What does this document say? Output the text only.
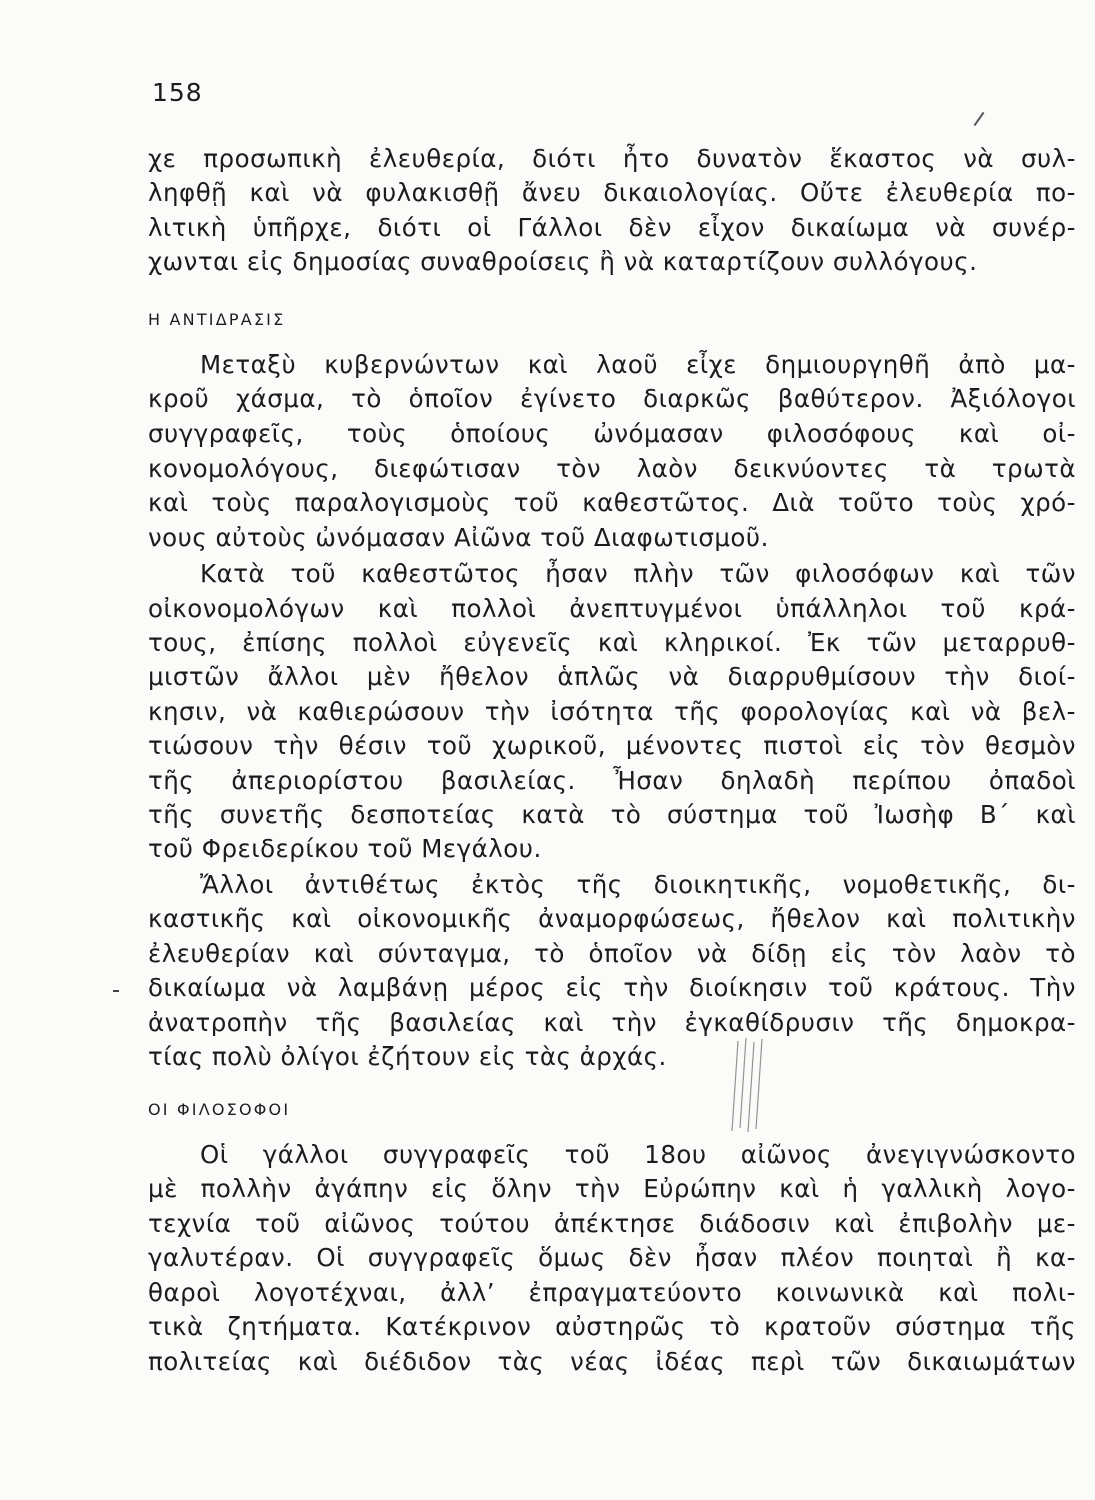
158
χε προσωπικὴ ἐλευθερία, διότι ἦτο δυνατὸν ἕκαστος νὰ συλ-
ληφθῇ καὶ νὰ φυλακισθῇ ἄνευ δικαιολογίας. Οὔτε ἐλευθερία πο-
λιτικὴ ὑπῆρχε, διότι οἱ Γάλλοι δὲν εἶχον δικαίωμα νὰ συνέρ-
χωνται εἰς δημοσίας συναθροίσεις ἢ νὰ καταρτίζουν συλλόγους.
Η ΑΝΤΙΔΡΑΣΙΣ
Μεταξὺ κυβερνώντων καὶ λαοῦ εἶχε δημιουργηθῆ ἀπὸ μα-
κροῦ χάσμα, τὸ ὁποῖον ἐγίνετο διαρκῶς βαθύτερον. Ἀξιόλογοι
συγγραφεῖς, τοὺς ὁποίους ὠνόμασαν φιλοσόφους καὶ οἰ-
κονομολόγους, διεφώτισαν τὸν λαὸν δεικνύοντες τὰ τρωτὰ
καὶ τοὺς παραλογισμοὺς τοῦ καθεστῶτος. Διὰ τοῦτο τοὺς χρό-
νους αὐτοὺς ὠνόμασαν Αἰῶνα τοῦ Διαφωτισμοῦ.
Κατὰ τοῦ καθεστῶτος ἦσαν πλὴν τῶν φιλοσόφων καὶ τῶν
οἰκονομολόγων καὶ πολλοὶ ἀνεπτυγμένοι ὑπάλληλοι τοῦ κρά-
τους, ἐπίσης πολλοὶ εὐγενεῖς καὶ κληρικοί. Ἐκ τῶν μεταρρυθ-
μιστῶν ἄλλοι μὲν ἤθελον ἁπλῶς νὰ διαρρυθμίσουν τὴν διοί-
κησιν, νὰ καθιερώσουν τὴν ἰσότητα τῆς φορολογίας καὶ νὰ βελ-
τιώσουν τὴν θέσιν τοῦ χωρικοῦ, μένοντες πιστοὶ εἰς τὸν θεσμὸν
τῆς ἀπεριορίστου βασιλείας. Ἦσαν δηλαδὴ περίπου ὀπαδοὶ
τῆς συνετῆς δεσποτείας κατὰ τὸ σύστημα τοῦ Ἰωσὴφ Β΄ καὶ
τοῦ Φρειδερίκου τοῦ Μεγάλου.
Ἄλλοι ἀντιθέτως ἐκτὸς τῆς διοικητικῆς, νομοθετικῆς, δι-
καστικῆς καὶ οἰκονομικῆς ἀναμορφώσεως, ἤθελον καὶ πολιτικὴν
ἐλευθερίαν καὶ σύνταγμα, τὸ ὁποῖον νὰ δίδῃ εἰς τὸν λαὸν τὸ
δικαίωμα νὰ λαμβάνῃ μέρος εἰς τὴν διοίκησιν τοῦ κράτους. Τὴν
ἀνατροπὴν τῆς βασιλείας καὶ τὴν ἐγκαθίδρυσιν τῆς δημοκρα-
τίας πολὺ ὀλίγοι ἐζήτουν εἰς τὰς ἀρχάς.
ΟΙ ΦΙΛΟΣΟΦΟΙ
Οἱ γάλλοι συγγραφεῖς τοῦ 18ου αἰῶνος ἀνεγιγνώσκοντο
μὲ πολλὴν ἀγάπην εἰς ὅλην τὴν Εὐρώπην καὶ ἡ γαλλικὴ λογο-
τεχνία τοῦ αἰῶνος τούτου ἀπέκτησε διάδοσιν καὶ ἐπιβολὴν με-
γαλυτέραν. Οἱ συγγραφεῖς ὅμως δὲν ἦσαν πλέον ποιηταὶ ἢ κα-
θαροὶ λογοτέχναι, ἀλλ’ ἐπραγματεύοντο κοινωνικὰ καὶ πολι-
τικὰ ζητήματα. Κατέκρινον αὐστηρῶς τὸ κρατοῦν σύστημα τῆς
πολιτείας καὶ διέδιδον τὰς νέας ἰδέας περὶ τῶν δικαιωμάτων
